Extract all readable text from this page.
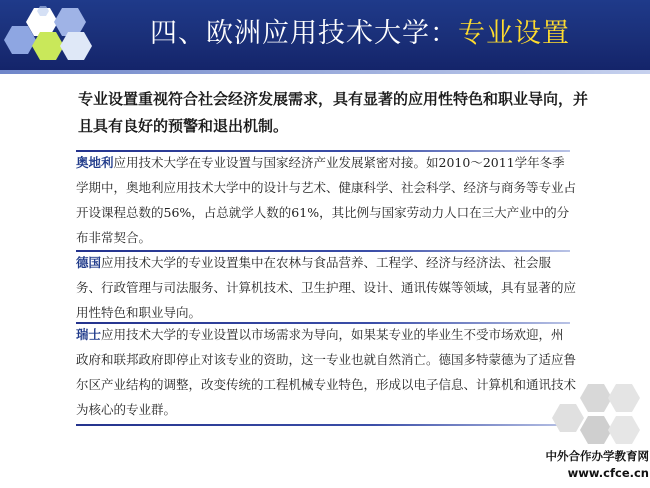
四、欧洲应用技术大学：专业设置

专业设置重视符合社会经济发展需求，具有显著的应用性特色和职业导向，并且具有良好的预警和退出机制。

奥地利应用技术大学在专业设置与国家经济产业发展紧密对接。如2010～2011学年冬季学期中，奥地利应用技术大学中的设计与艺术、健康科学、社会科学、经济与商务等专业占开设课程总数的56%，占总就学人数的61%，其比例与国家劳动力人口在三大产业中的分布非常契合。
德国应用技术大学的专业设置集中在农林与食品营养、工程学、经济与经济法、社会服务、行政管理与司法服务、计算机技术、卫生护理、设计、通讯传媒等领域，具有显著的应用性特色和职业导向。
瑞士应用技术大学的专业设置以市场需求为导向，如果某专业的毕业生不受市场欢迎，州政府和联邦政府即停止对该专业的资助，这一专业也就自然消亡。德国多特蒙德为了适应鲁尔区产业结构的调整，改变传统的工程机械专业特色，形成以电子信息、计算机和通讯技术为核心的专业群。
中外合作办学教育网
www.cfce.cn
